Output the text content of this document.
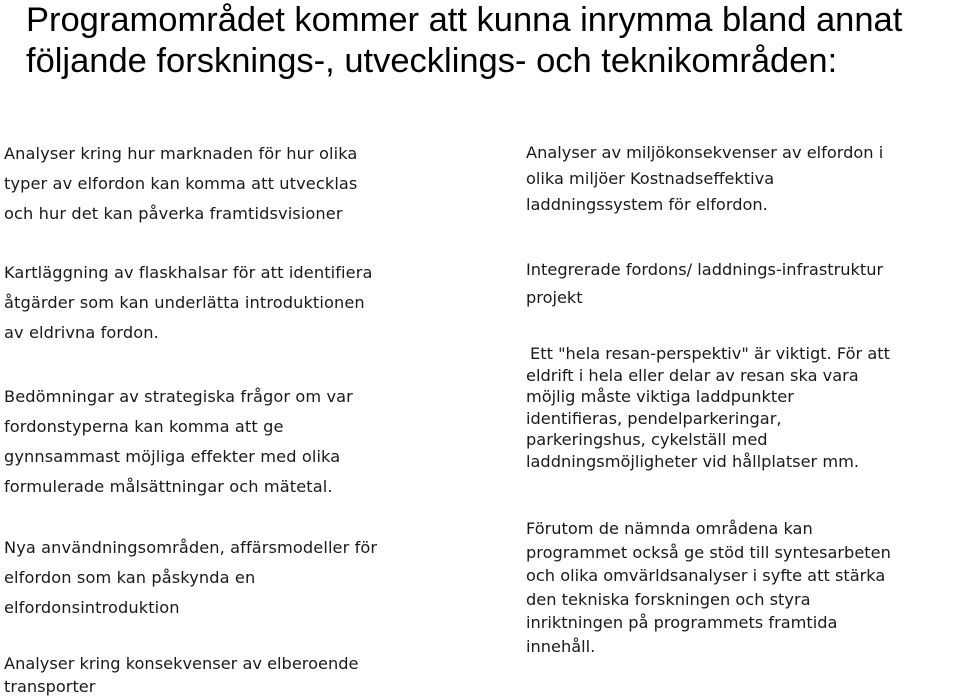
Programområdet kommer att kunna inrymma bland annat
följande forsknings-, utvecklings- och teknikområden:
Analyser kring hur marknaden för hur olika
typer av elfordon kan komma att utvecklas
och hur det kan påverka framtidsvisioner
Kartläggning av flaskhalsar för att identifiera
åtgärder som kan underlätta introduktionen
av eldrivna fordon.
Bedömningar av strategiska frågor om var
fordonstyperna kan komma att ge
gynnsammast möjliga effekter med olika
formulerade målsättningar och mätetal.
Nya användningsområden, affärsmodeller för
elfordon som kan påskynda en
elfordonsintroduktion
Analyser kring konsekvenser av elberoende
transporter
Analyser av miljökonsekvenser av elfordon i
olika miljöer Kostnadseffektiva
laddningssystem för elfordon.
Integrerade fordons/ laddnings-infrastruktur
projekt
Ett "hela resan-perspektiv" är viktigt. För att
eldrift i hela eller delar av resan ska vara
möjlig måste viktiga laddpunkter
identifieras, pendelparkeringar,
parkeringshus, cykelställ med
laddningsmöjligheter vid hållplatser mm.
Förutom de nämnda områdena kan
programmet också ge stöd till syntesarbeten
och olika omvärldsanalyser i syfte att stärka
den tekniska forskningen och styra
inriktningen på programmets framtida
innehåll.
